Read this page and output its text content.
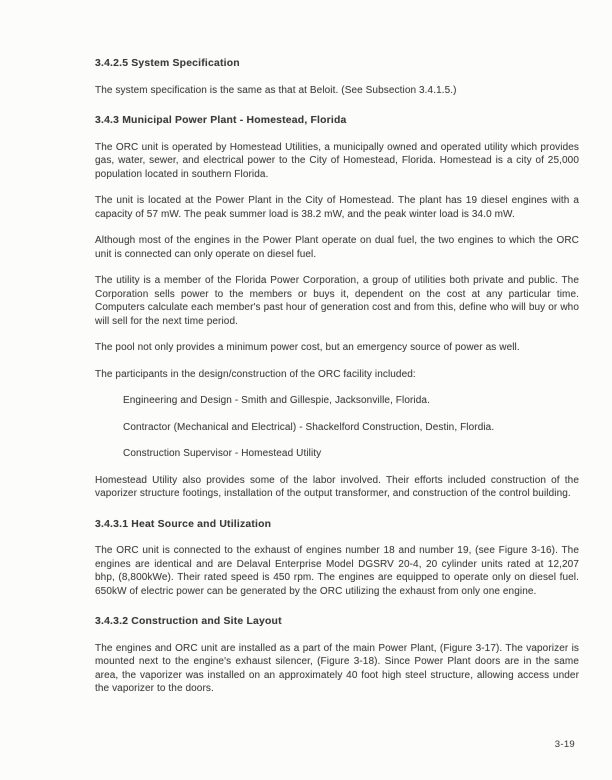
3.4.2.5 System Specification

The system specification is the same as that at Beloit. (See Subsection 3.4.1.5.)

3.4.3 Municipal Power Plant - Homestead, Florida

The ORC unit is operated by Homestead Utilities, a municipally owned and operated utility which provides gas, water, sewer, and electrical power to the City of Homestead, Florida. Homestead is a city of 25,000 population located in southern Florida.

The unit is located at the Power Plant in the City of Homestead. The plant has 19 diesel engines with a capacity of 57 mW. The peak summer load is 38.2 mW, and the peak winter load is 34.0 mW.

Although most of the engines in the Power Plant operate on dual fuel, the two engines to which the ORC unit is connected can only operate on diesel fuel.

The utility is a member of the Florida Power Corporation, a group of utilities both private and public. The Corporation sells power to the members or buys it, dependent on the cost at any particular time. Computers calculate each member's past hour of generation cost and from this, define who will buy or who will sell for the next time period.

The pool not only provides a minimum power cost, but an emergency source of power as well.

The participants in the design/construction of the ORC facility included:

Engineering and Design - Smith and Gillespie, Jacksonville, Florida.

Contractor (Mechanical and Electrical) - Shackelford Construction, Destin, Flordia.

Construction Supervisor - Homestead Utility

Homestead Utility also provides some of the labor involved. Their efforts included construction of the vaporizer structure footings, installation of the output transformer, and construction of the control building.

3.4.3.1 Heat Source and Utilization

The ORC unit is connected to the exhaust of engines number 18 and number 19, (see Figure 3-16). The engines are identical and are Delaval Enterprise Model DGSRV 20-4, 20 cylinder units rated at 12,207 bhp, (8,800kWe). Their rated speed is 450 rpm. The engines are equipped to operate only on diesel fuel. 650kW of electric power can be generated by the ORC utilizing the exhaust from only one engine.

3.4.3.2 Construction and Site Layout

The engines and ORC unit are installed as a part of the main Power Plant, (Figure 3-17). The vaporizer is mounted next to the engine's exhaust silencer, (Figure 3-18). Since Power Plant doors are in the same area, the vaporizer was installed on an approximately 40 foot high steel structure, allowing access under the vaporizer to the doors.

3-19
